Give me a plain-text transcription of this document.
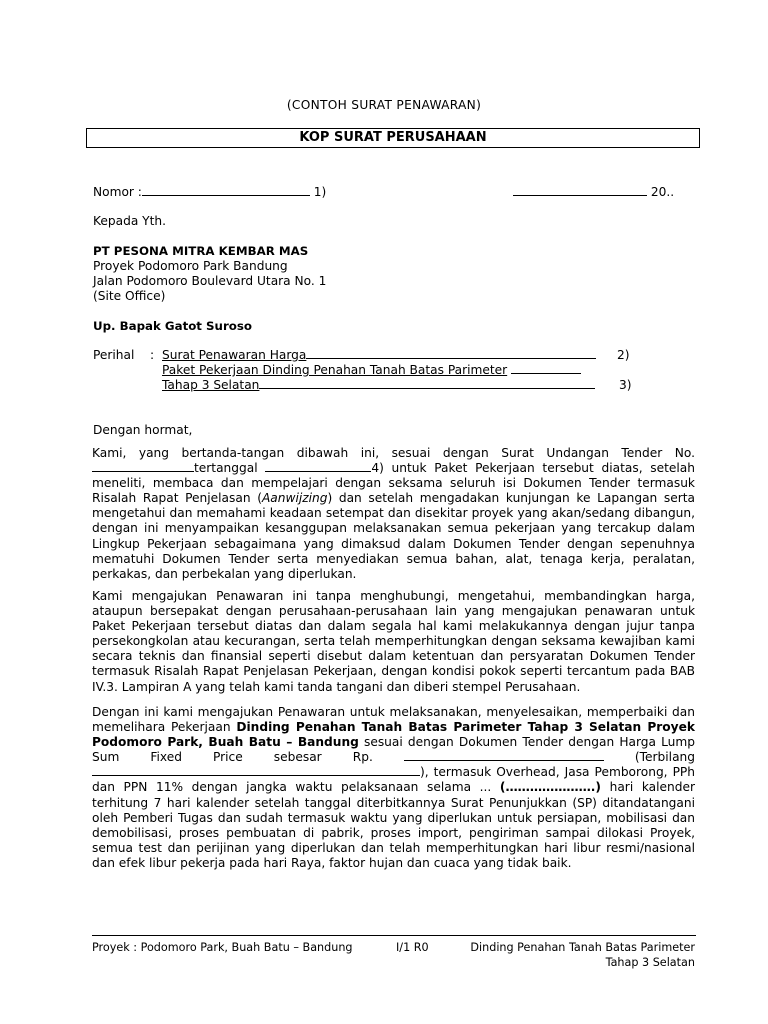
(CONTOH SURAT PENAWARAN)
KOP SURAT PERUSAHAAN
Nomor :	1)	20..
Kepada Yth.
PT PESONA MITRA KEMBAR MAS
Proyek Podomoro Park Bandung
Jalan Podomoro Boulevard Utara No. 1
(Site Office)
Up. Bapak Gatot Suroso
Perihal : Surat Penawaran Harga	2)
Paket Pekerjaan Dinding Penahan Tanah Batas Parimeter
Tahap 3 Selatan	3)
Dengan hormat,
Kami, yang bertanda-tangan dibawah ini, sesuai dengan Surat Undangan Tender No. tertanggal	4) untuk Paket Pekerjaan tersebut diatas, setelah meneliti, membaca dan mempelajari dengan seksama seluruh isi Dokumen Tender termasuk Risalah Rapat Penjelasan (Aanwijzing) dan setelah mengadakan kunjungan ke Lapangan serta mengetahui dan memahami keadaan setempat dan disekitar proyek yang akan/sedang dibangun, dengan ini menyampaikan kesanggupan melaksanakan semua pekerjaan yang tercakup dalam Lingkup Pekerjaan sebagaimana yang dimaksud dalam Dokumen Tender dengan sepenuhnya mematuhi Dokumen Tender serta menyediakan semua bahan, alat, tenaga kerja, peralatan, perkakas, dan perbekalan yang diperlukan.
Kami mengajukan Penawaran ini tanpa menghubungi, mengetahui, membandingkan harga, ataupun bersepakat dengan perusahaan-perusahaan lain yang mengajukan penawaran untuk Paket Pekerjaan tersebut diatas dan dalam segala hal kami melakukannya dengan jujur tanpa persekongkolan atau kecurangan, serta telah memperhitungkan dengan seksama kewajiban kami secara teknis dan finansial seperti disebut dalam ketentuan dan persyaratan Dokumen Tender termasuk Risalah Rapat Penjelasan Pekerjaan, dengan kondisi pokok seperti tercantum pada BAB IV.3. Lampiran A yang telah kami tanda tangani dan diberi stempel Perusahaan.
Dengan ini kami mengajukan Penawaran untuk melaksanakan, menyelesaikan, memperbaiki dan memelihara Pekerjaan Dinding Penahan Tanah Batas Parimeter Tahap 3 Selatan Proyek Podomoro Park, Buah Batu – Bandung sesuai dengan Dokumen Tender dengan Harga Lump Sum Fixed Price sebesar Rp.	(Terbilang ), termasuk Overhead, Jasa Pemborong, PPh dan PPN 11% dengan jangka waktu pelaksanaan selama ... (………………….) hari kalender terhitung 7 hari kalender setelah tanggal diterbitkannya Surat Penunjukkan (SP) ditandatangani oleh Pemberi Tugas dan sudah termasuk waktu yang diperlukan untuk persiapan, mobilisasi dan demobilisasi, proses pembuatan di pabrik, proses import, pengiriman sampai dilokasi Proyek, semua test dan perijinan yang diperlukan dan telah memperhitungkan hari libur resmi/nasional dan efek libur pekerja pada hari Raya, faktor hujan dan cuaca yang tidak baik.
Proyek : Podomoro Park, Buah Batu – Bandung	I/1 R0	Dinding Penahan Tanah Batas Parimeter
Tahap 3 Selatan
